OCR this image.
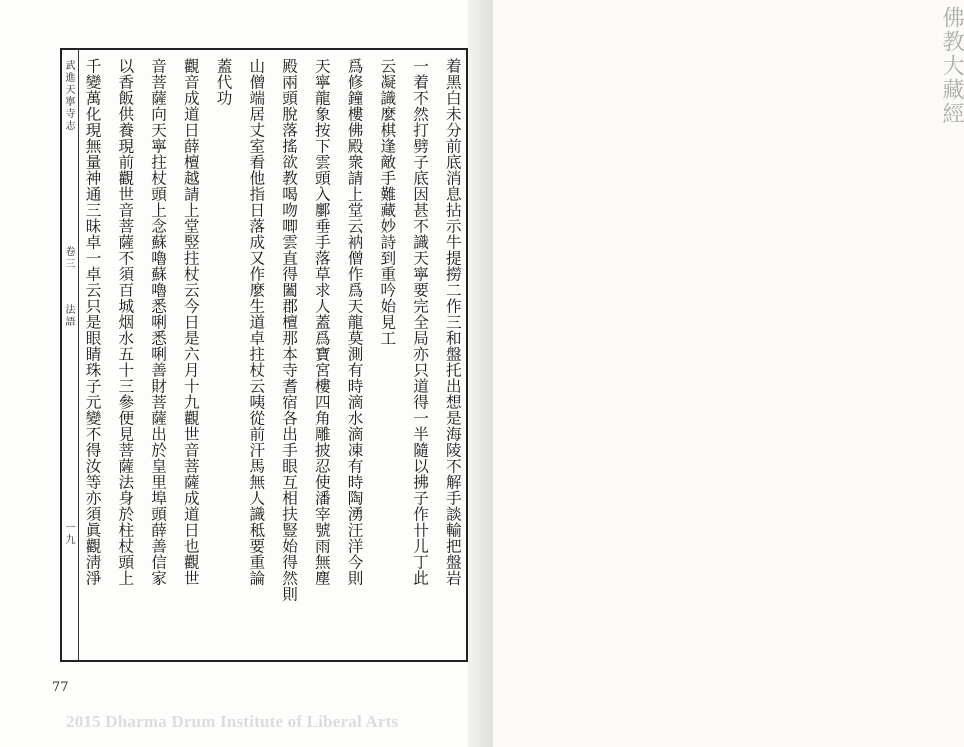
佛教大藏經
武進天寧寺志
卷三
法語
一九	着黑白未分前底消息拈示牛提撈二作三和盤托出想是海陵不解手談輸把盤岩
一着不然打劈子底因甚不識天寧要完全局亦只道得一半隨以拂子作卄儿丁此
云凝識麼棋逢敵手難藏妙詩到重吟始見工
爲修鐘樓佛殿衆請上堂云衲僧作爲天龍莫測有時滴水滴凍有時陶湧汪洋今則
天寧龍象按下雲頭入鄽垂手落草求人蓋爲寶宮樓四角雕披忍使潘宰號雨無塵
殿兩頭脫落搖欲教喝吻唧雲直得闔郡檀那本寺耆宿各出手眼互相扶豎始得然則
山僧端居丈室看他指日落成又作麼生道卓拄杖云咦從前汗馬無人識秪要重論
蓋代功
觀音成道日薛檀越請上堂竪拄杖云今日是六月十九觀世音菩薩成道日也觀世
音菩薩向天寧拄杖頭上念蘇嚕蘇嚕悉唎悉唎善財菩薩出於皇里埠頭薛善信家
以香飯供養現前觀世音菩薩不須百城烟水五十三參便見菩薩法身於柱杖頭上
千變萬化現無量神通三昧卓一卓云只是眼睛珠子元變不得汝等亦須眞觀淸淨
77
2015 Dharma Drum Institute of Liberal Arts
